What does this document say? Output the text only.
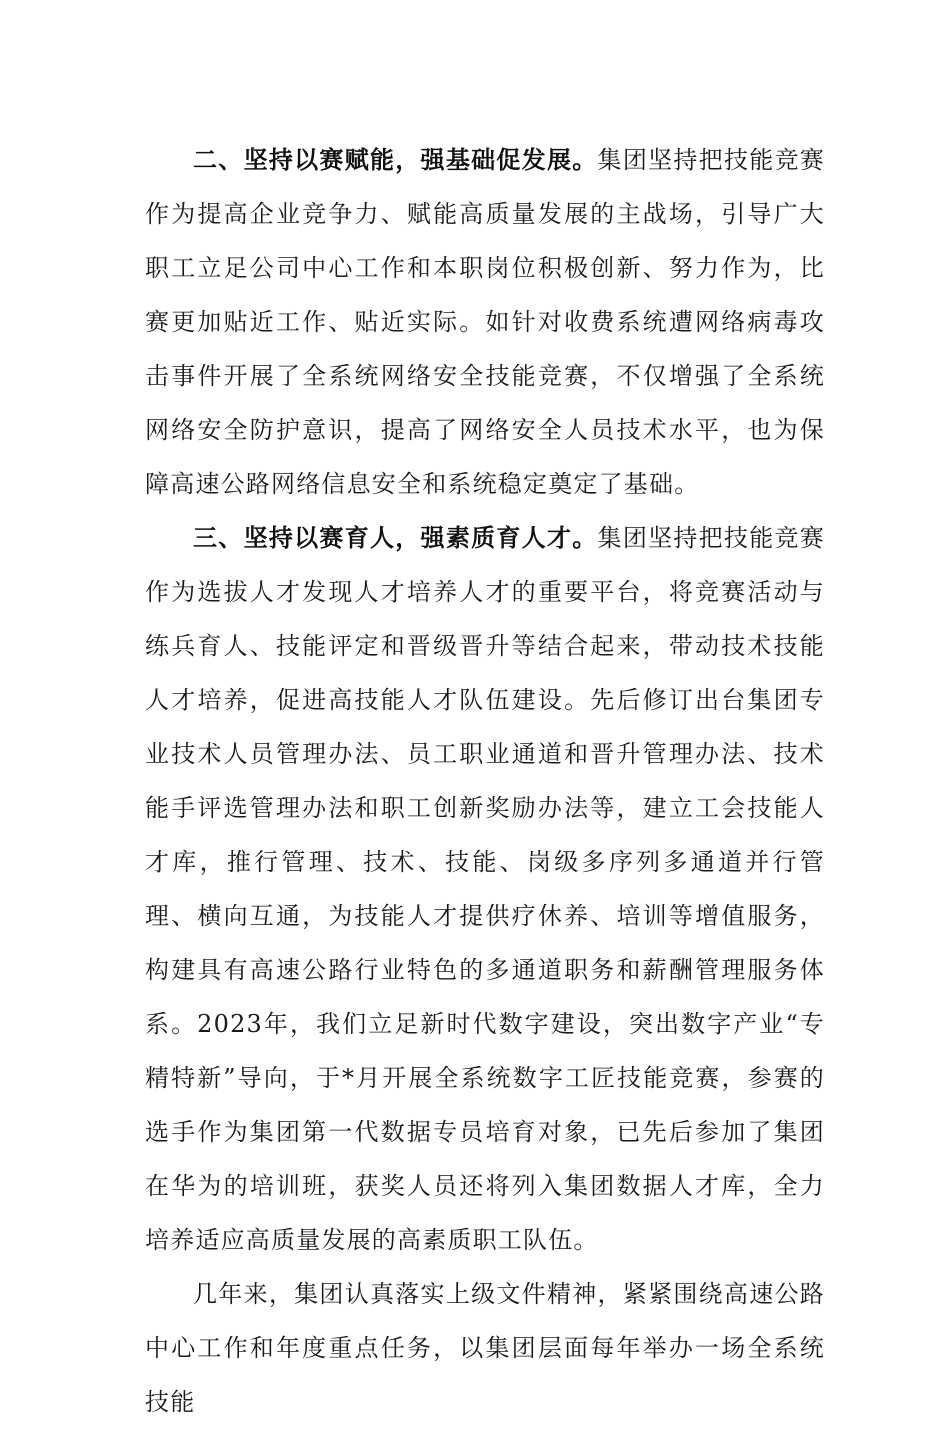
二、坚持以赛赋能，强基础促发展。集团坚持把技能竞赛作为提高企业竞争力、赋能高质量发展的主战场，引导广大职工立足公司中心工作和本职岗位积极创新、努力作为，比赛更加贴近工作、贴近实际。如针对收费系统遭网络病毒攻击事件开展了全系统网络安全技能竞赛，不仅增强了全系统网络安全防护意识，提高了网络安全人员技术水平，也为保障高速公路网络信息安全和系统稳定奠定了基础。

三、坚持以赛育人，强素质育人才。集团坚持把技能竞赛作为选拔人才发现人才培养人才的重要平台，将竞赛活动与练兵育人、技能评定和晋级晋升等结合起来，带动技术技能人才培养，促进高技能人才队伍建设。先后修订出台集团专业技术人员管理办法、员工职业通道和晋升管理办法、技术能手评选管理办法和职工创新奖励办法等，建立工会技能人才库，推行管理、技术、技能、岗级多序列多通道并行管理、横向互通，为技能人才提供疗休养、培训等增值服务，构建具有高速公路行业特色的多通道职务和薪酬管理服务体系。2023年，我们立足新时代数字建设，突出数字产业“专精特新”导向，于*月开展全系统数字工匠技能竞赛，参赛的选手作为集团第一代数据专员培育对象，已先后参加了集团在华为的培训班，获奖人员还将列入集团数据人才库，全力培养适应高质量发展的高素质职工队伍。

几年来，集团认真落实上级文件精神，紧紧围绕高速公路中心工作和年度重点任务，以集团层面每年举办一场全系统技能
